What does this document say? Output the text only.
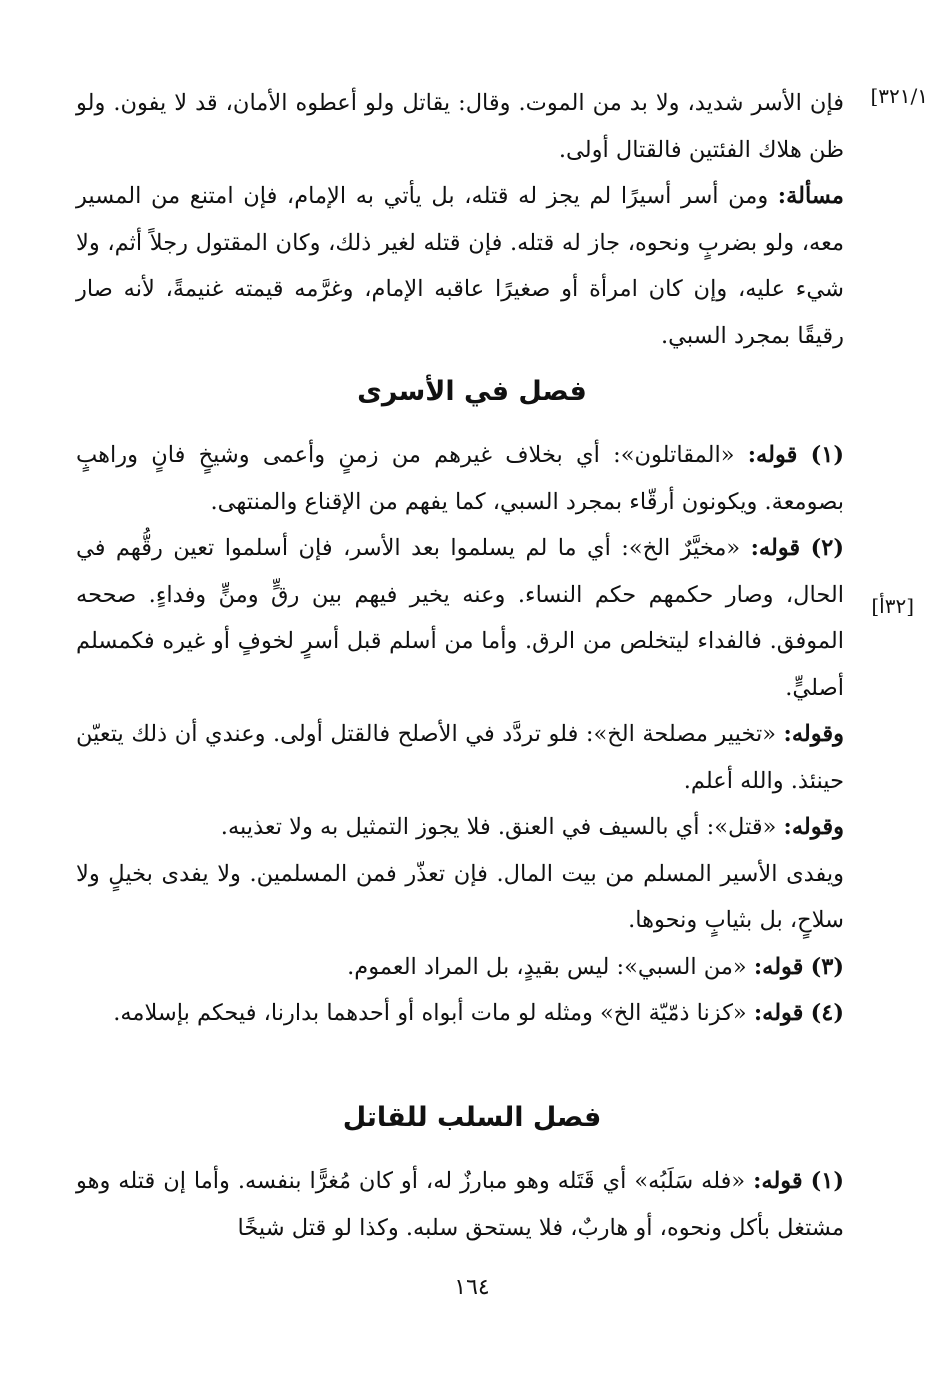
[٣٢١/١
[٣٢أ]

فإن الأسر شديد، ولا بد من الموت. وقال: يقاتل ولو أعطوه الأمان، قد لا يفون. ولو ظن هلاك الفئتين فالقتال أولى.

مسألة: ومن أسر أسيرًا لم يجز له قتله، بل يأتي به الإمام، فإن امتنع من المسير معه، ولو بضربٍ ونحوه، جاز له قتله. فإن قتله لغير ذلك، وكان المقتول رجلاً أثم، ولا شيء عليه، وإن كان امرأة أو صغيرًا عاقبه الإمام، وغرَّمه قيمته غنيمةً، لأنه صار رقيقًا بمجرد السبي.

فصل في الأسرى

(١) قوله: «المقاتلون»: أي بخلاف غيرهم من زمنٍ وأعمى وشيخٍ فانٍ وراهبٍ بصومعة. ويكونون أرقّاء بمجرد السبي، كما يفهم من الإقناع والمنتهى.

(٢) قوله: «مخيَّرٌ الخ»: أي ما لم يسلموا بعد الأسر، فإن أسلموا تعين رقُّهم في الحال، وصار حكمهم حكم النساء. وعنه يخير فيهم بين رقٍّ ومنٍّ وفداءٍ. صححه الموفق. فالفداء ليتخلص من الرق. وأما من أسلم قبل أسرٍ لخوفٍ أو غيره فكمسلم أصليٍّ.

وقوله: «تخيير مصلحة الخ»: فلو تردَّد في الأصلح فالقتل أولى. وعندي أن ذلك يتعيّن حينئذ. والله أعلم.

وقوله: «قتل»: أي بالسيف في العنق. فلا يجوز التمثيل به ولا تعذيبه.

ويفدى الأسير المسلم من بيت المال. فإن تعذّر فمن المسلمين. ولا يفدى بخيلٍ ولا سلاحٍ، بل بثيابٍ ونحوها.

(٣) قوله: «من السبي»: ليس بقيدٍ، بل المراد العموم.

(٤) قوله: «كزنا ذمّيّة الخ» ومثله لو مات أبواه أو أحدهما بدارنا، فيحكم بإسلامه.

فصل السلب للقاتل

(١) قوله: «فله سَلَبُه» أي قَتَله وهو مبارزٌ له، أو كان مُغرًّا بنفسه. وأما إن قتله وهو مشتغل بأكل ونحوه، أو هاربٌ، فلا يستحق سلبه. وكذا لو قتل شيخًا

١٦٤
